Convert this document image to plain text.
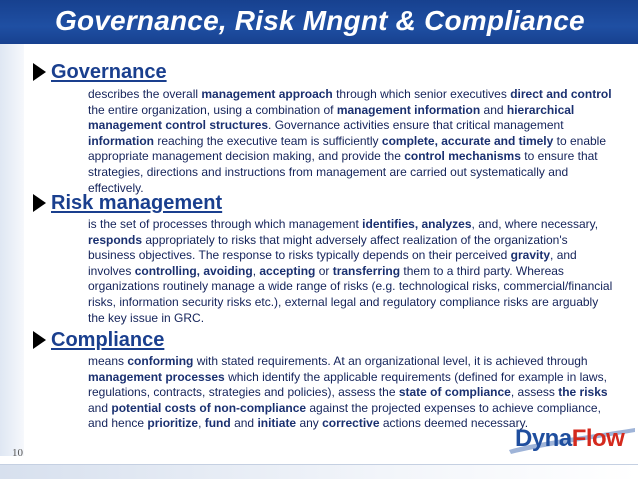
Governance, Risk Mngnt & Compliance
Governance

describes the overall management approach through which senior executives direct and control the entire organization, using a combination of management information and hierarchical management control structures. Governance activities ensure that critical management information reaching the executive team is sufficiently complete, accurate and timely to enable appropriate management decision making, and provide the control mechanisms to ensure that strategies, directions and instructions from management are carried out systematically and effectively.

Risk management

is the set of processes through which management identifies, analyzes, and, where necessary, responds appropriately to risks that might adversely affect realization of the organization's business objectives. The response to risks typically depends on their perceived gravity, and involves controlling, avoiding, accepting or transferring them to a third party. Whereas organizations routinely manage a wide range of risks (e.g. technological risks, commercial/financial risks, information security risks etc.), external legal and regulatory compliance risks are arguably the key issue in GRC.

Compliance

means conforming with stated requirements. At an organizational level, it is achieved through management processes which identify the applicable requirements (defined for example in laws, regulations, contracts, strategies and policies), assess the state of compliance, assess the risks and potential costs of non-compliance against the projected expenses to achieve compliance, and hence prioritize, fund and initiate any corrective actions deemed necessary.

10
DynaFlow
